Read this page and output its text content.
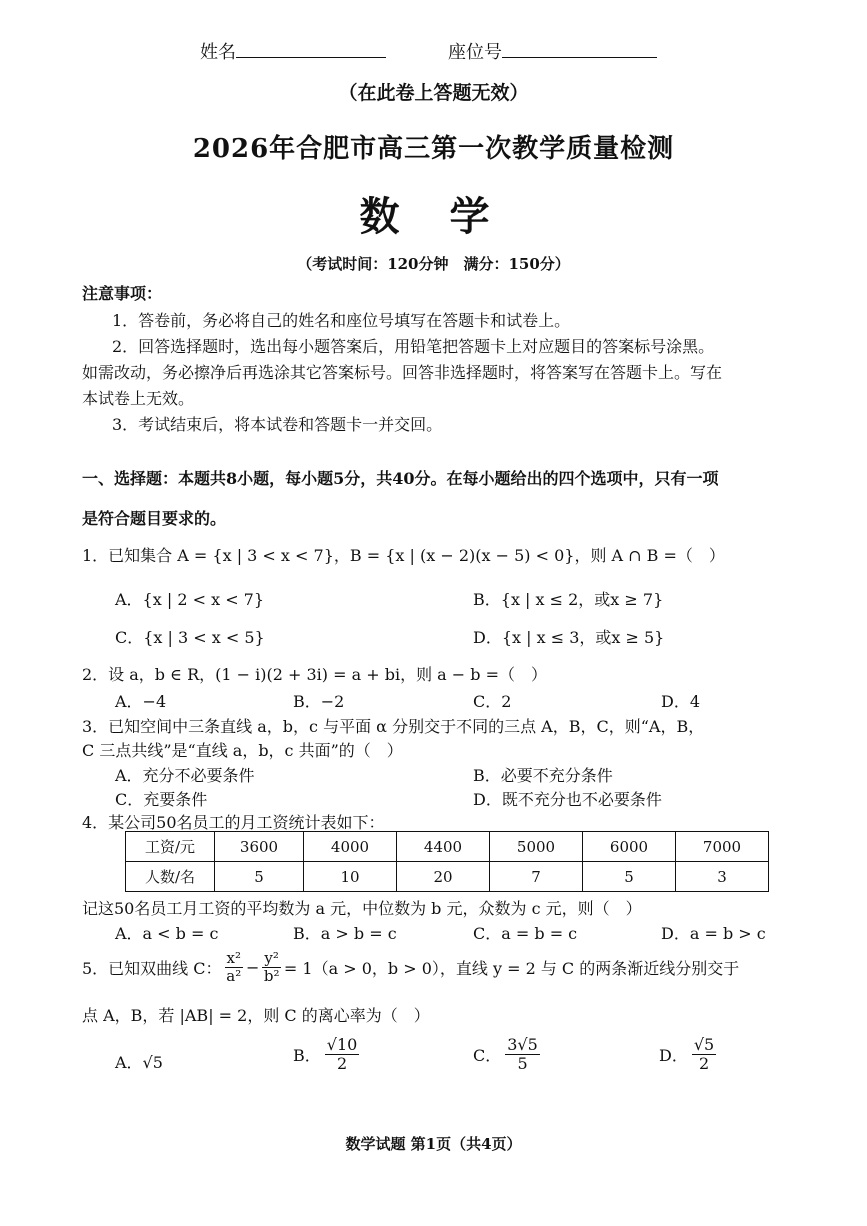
姓名	座位号
（在此卷上答题无效）
2026年合肥市高三第一次教学质量检测
数 学
（考试时间：120分钟　满分：150分）
注意事项：
1．答卷前，务必将自己的姓名和座位号填写在答题卡和试卷上。
2．回答选择题时，选出每小题答案后，用铅笔把答题卡上对应题目的答案标号涂黑。
如需改动，务必擦净后再选涂其它答案标号。回答非选择题时，将答案写在答题卡上。写在
本试卷上无效。
3．考试结束后，将本试卷和答题卡一并交回。
一、选择题：本题共8小题，每小题5分，共40分。在每小题给出的四个选项中，只有一项
是符合题目要求的。
1．已知集合 A = {x | 3 < x < 7}，B = {x | (x − 2)(x − 5) < 0}，则 A ∩ B =（　）
A．{x | 2 < x < 7}	B．{x | x ≤ 2，或x ≥ 7}
C．{x | 3 < x < 5}	D．{x | x ≤ 3，或x ≥ 5}
2．设 a，b ∈ R，(1 − i)(2 + 3i) = a + bi，则 a − b =（　）
A．−4	B．−2	C．2	D．4
3．已知空间中三条直线 a，b，c 与平面 α 分别交于不同的三点 A，B，C，则“A，B，
C 三点共线”是“直线 a，b，c 共面”的（　）
A．充分不必要条件	B．必要不充分条件
C．充要条件	D．既不充分也不必要条件
4．某公司50名员工的月工资统计表如下：
工资/元	3600	4000	4400	5000	6000	7000
人数/名	5	10	20	7	5	3
记这50名员工月工资的平均数为 a 元，中位数为 b 元，众数为 c 元，则（　）
A．a < b = c	B．a > b = c	C．a = b = c	D．a = b > c
5．已知双曲线 C： $\frac{\text{x²}}{\text{a²}} - \frac{\text{y²}}{\text{b²}} = 1(a > 0$，b > 0），直线 y = 2 与 C 的两条渐近线分别交于
点 A，B，若 |AB| = 2，则 C 的离心率为（　）
A．√5	B． $\frac{√10}{2}$	C． $\frac{3√5}{5}$	D． $\frac{√5}{2}$
数学试题 第1页（共4页）
